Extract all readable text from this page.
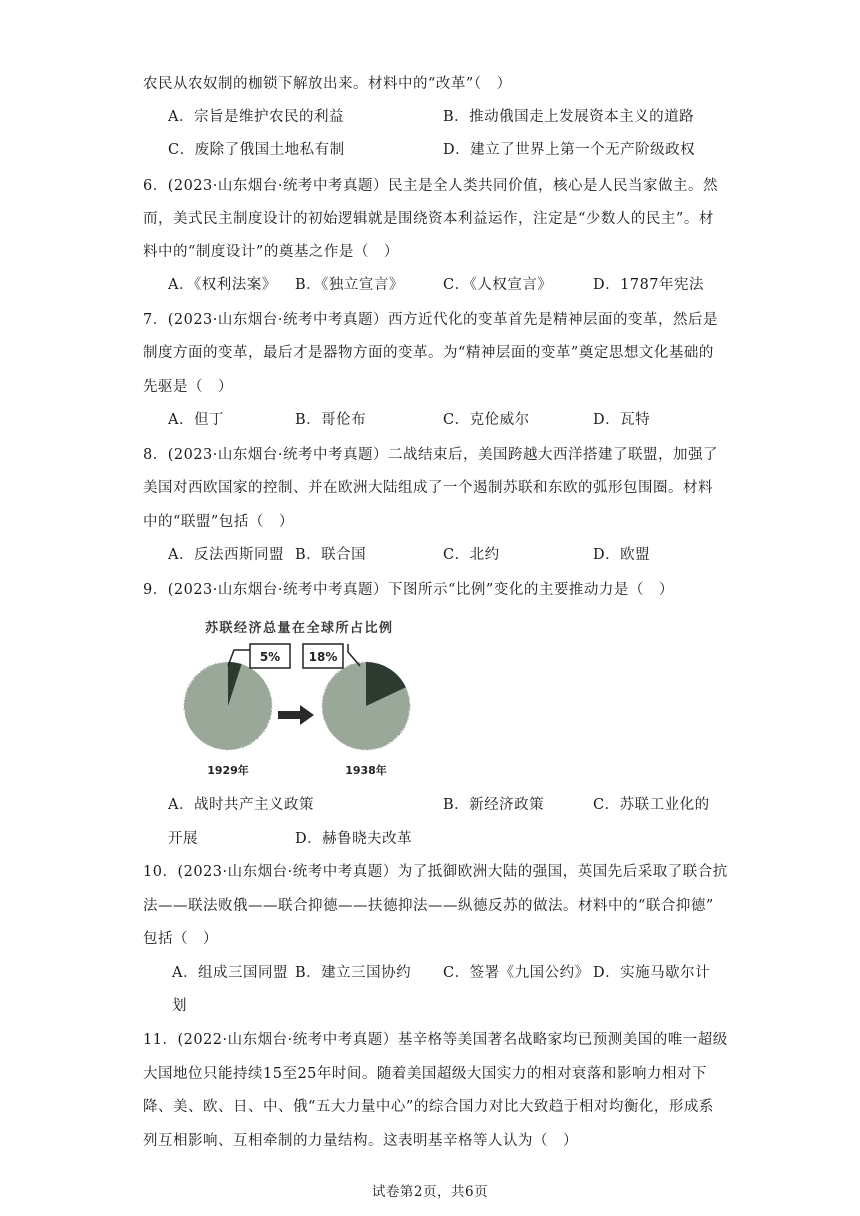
农民从农奴制的枷锁下解放出来。材料中的“改革”（　）
A．宗旨是维护农民的利益	B．推动俄国走上发展资本主义的道路
C．废除了俄国土地私有制	D．建立了世界上第一个无产阶级政权
6．(2023·山东烟台·统考中考真题）民主是全人类共同价值，核心是人民当家做主。然
而，美式民主制度设计的初始逻辑就是围绕资本利益运作，注定是“少数人的民主”。材
料中的“制度设计”的奠基之作是（　）
A．《权利法案》 B．《独立宣言》	C．《人权宣言》	D．1787年宪法
7．(2023·山东烟台·统考中考真题）西方近代化的变革首先是精神层面的变革，然后是
制度方面的变革，最后才是器物方面的变革。为“精神层面的变革”奠定思想文化基础的
先驱是（　）
A．但丁	B．哥伦布	C．克伦威尔	D．瓦特
8．(2023·山东烟台·统考中考真题）二战结束后，美国跨越大西洋搭建了联盟，加强了
美国对西欧国家的控制、并在欧洲大陆组成了一个遏制苏联和东欧的弧形包围圈。材料
中的“联盟”包括（　）
A．反法西斯同盟 B．联合国	C．北约	D．欧盟
9．(2023·山东烟台·统考中考真题）下图所示“比例”变化的主要推动力是（　）
苏联经济总量在全球所占比例
5% 18%
1929年	1938年
A．战时共产主义政策	B．新经济政策	C．苏联工业化的
开展	D．赫鲁晓夫改革
10．(2023·山东烟台·统考中考真题）为了抵御欧洲大陆的强国，英国先后采取了联合抗
法——联法败俄——联合抑德——扶德抑法——纵德反苏的做法。材料中的“联合抑德”
包括（　）
A．组成三国同盟 B．建立三国协约 C．签署《九国公约》 D．实施马歇尔计
划
11．(2022·山东烟台·统考中考真题）基辛格等美国著名战略家均已预测美国的唯一超级
大国地位只能持续15至25年时间。随着美国超级大国实力的相对衰落和影响力相对下
降、美、欧、日、中、俄“五大力量中心”的综合国力对比大致趋于相对均衡化，形成系
列互相影响、互相牵制的力量结构。这表明基辛格等人认为（　）
试卷第2页，共6页
